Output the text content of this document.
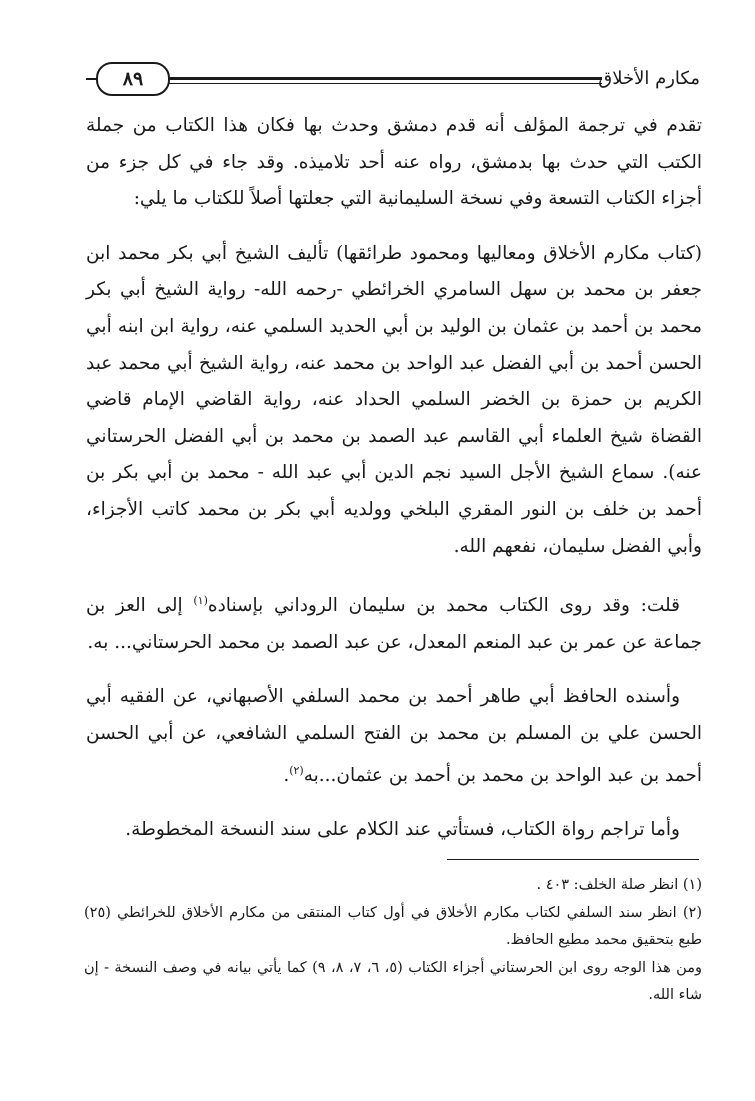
مكارم الأخلاق
٨٩

تقدم في ترجمة المؤلف أنه قدم دمشق وحدث بها فكان هذا الكتاب من جملة الكتب التي حدث بها بدمشق، رواه عنه أحد تلاميذه. وقد جاء في كل جزء من أجزاء الكتاب التسعة وفي نسخة السليمانية التي جعلتها أصلاً للكتاب ما يلي:

(كتاب مكارم الأخلاق ومعاليها ومحمود طرائقها) تأليف الشيخ أبي بكر محمد ابن جعفر بن محمد بن سهل السامري الخرائطي -رحمه الله- رواية الشيخ أبي بكر محمد بن أحمد بن عثمان بن الوليد بن أبي الحديد السلمي عنه، رواية ابن ابنه أبي الحسن أحمد بن أبي الفضل عبد الواحد بن محمد عنه، رواية الشيخ أبي محمد عبد الكريم بن حمزة بن الخضر السلمي الحداد عنه، رواية القاضي الإمام قاضي القضاة شيخ العلماء أبي القاسم عبد الصمد بن محمد بن أبي الفضل الحرستاني عنه). سماع الشيخ الأجل السيد نجم الدين أبي عبد الله - محمد بن أبي بكر بن أحمد بن خلف بن النور المقري البلخي وولديه أبي بكر بن محمد كاتب الأجزاء، وأبي الفضل سليمان، نفعهم الله.

قلت: وقد روى الكتاب محمد بن سليمان الروداني بإسناده$^{(١)}$ إلى العز بن جماعة عن عمر بن عبد المنعم المعدل، عن عبد الصمد بن محمد الحرستاني... به.

وأسنده الحافظ أبي طاهر أحمد بن محمد السلفي الأصبهاني، عن الفقيه أبي الحسن علي بن المسلم بن محمد بن الفتح السلمي الشافعي، عن أبي الحسن أحمد بن عبد الواحد بن محمد بن أحمد بن عثمان...به$^{(٢)}$.

وأما تراجم رواة الكتاب، فستأتي عند الكلام على سند النسخة المخطوطة.

(١) انظر صلة الخلف: ٤٠٣ .
(٢) انظر سند السلفي لكتاب مكارم الأخلاق في أول كتاب المنتقى من مكارم الأخلاق للخرائطي (٢٥) طبع بتحقيق محمد مطيع الحافظ.
ومن هذا الوجه روى ابن الحرستاني أجزاء الكتاب (٥، ٦، ٧، ٨، ٩) كما يأتي بيانه في وصف النسخة - إن شاء الله.
